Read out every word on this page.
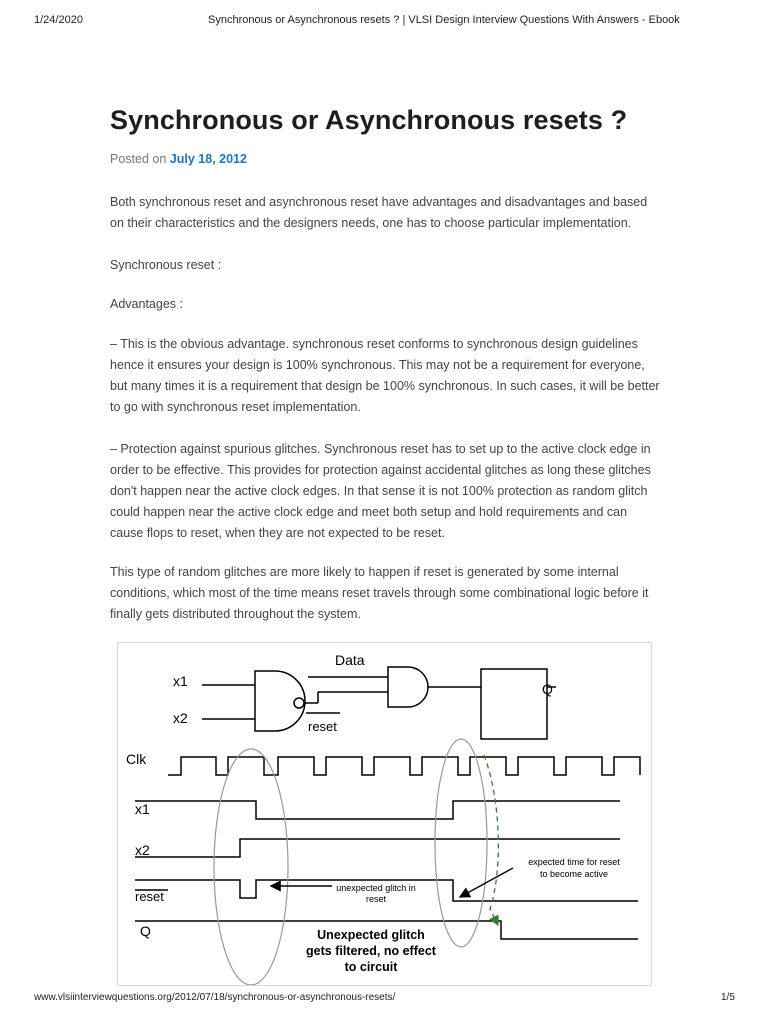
1/24/2020	Synchronous or Asynchronous resets ? | VLSI Design Interview Questions With Answers - Ebook
Synchronous or Asynchronous resets ?
Posted on July 18, 2012

Both synchronous reset and asynchronous reset have advantages and disadvantages and based on their characteristics and the designers needs, one has to choose particular implementation.

Synchronous reset :

Advantages :

– This is the obvious advantage. synchronous reset conforms to synchronous design guidelines hence it ensures your design is 100% synchronous. This may not be a requirement for everyone, but many times it is a requirement that design be 100% synchronous. In such cases, it will be better to go with synchronous reset implementation.

– Protection against spurious glitches. Synchronous reset has to set up to the active clock edge in order to be effective. This provides for protection against accidental glitches as long these glitches don't happen near the active clock edges. In that sense it is not 100% protection as random glitch could happen near the active clock edge and meet both setup and hold requirements and can cause flops to reset, when they are not expected to be reset.

This type of random glitches are more likely to happen if reset is generated by some internal conditions, which most of the time means reset travels through some combinational logic before it finally gets distributed throughout the system.

Data
x1
x2
reset
Q
Clk
x1
x2
reset
Q
unexpected glitch in
reset
expected time for reset
to become active
Unexpected glitch
gets filtered, no effect
to circuit
www.vlsiinterviewquestions.org/2012/07/18/synchronous-or-asynchronous-resets/	1/5
